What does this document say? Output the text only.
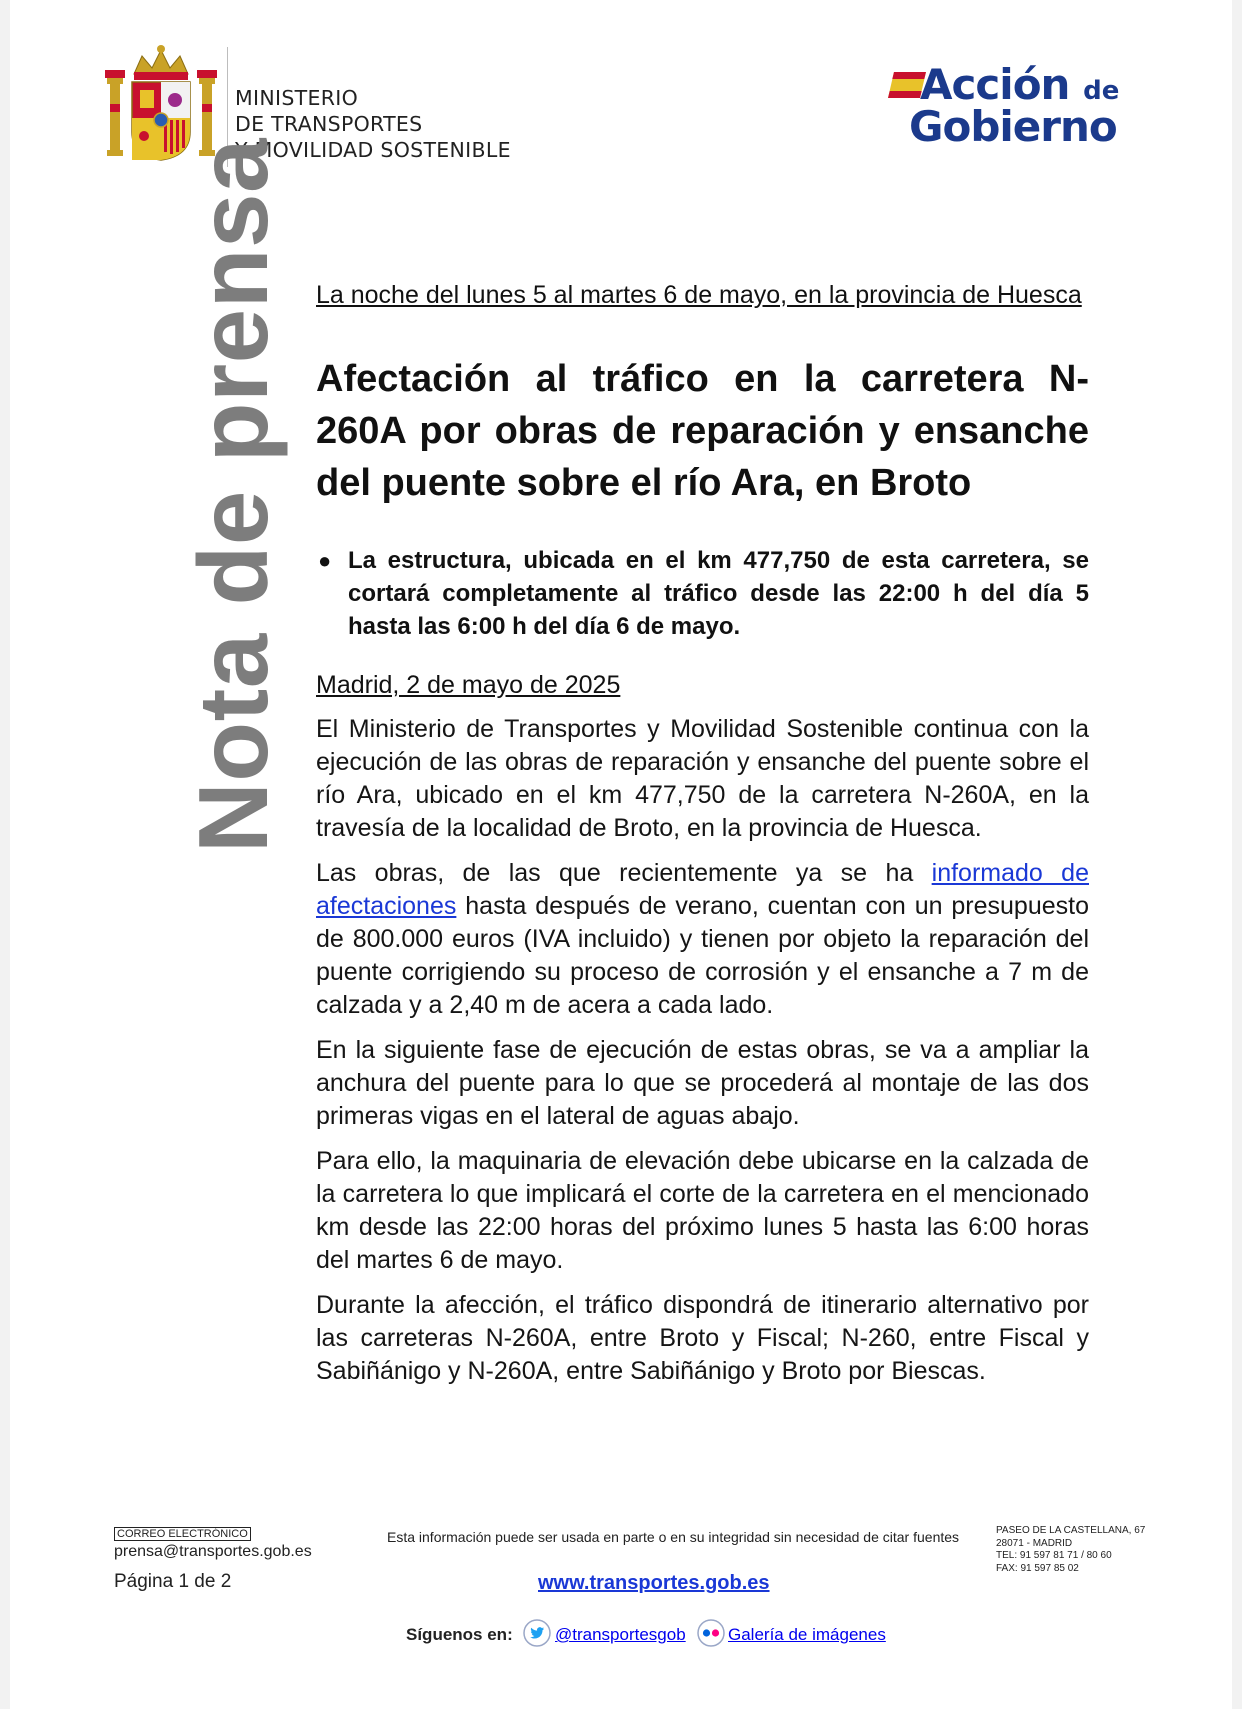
MINISTERIO
DE TRANSPORTES
Y MOVILIDAD SOSTENIBLE
Acción de
Gobierno
Nota de prensa La noche del lunes 5 al martes 6 de mayo, en la provincia de Huesca
Afectación al tráfico en la carretera N-260A por obras de reparación y ensanche del puente sobre el río Ara, en Broto
● La estructura, ubicada en el km 477,750 de esta carretera, se cortará completamente al tráfico desde las 22:00 h del día 5 hasta las 6:00 h del día 6 de mayo.
Madrid, 2 de mayo de 2025

El Ministerio de Transportes y Movilidad Sostenible continua con la ejecución de las obras de reparación y ensanche del puente sobre el río Ara, ubicado en el km 477,750 de la carretera N-260A, en la travesía de la localidad de Broto, en la provincia de Huesca.

Las obras, de las que recientemente ya se ha informado de afectaciones hasta después de verano, cuentan con un presupuesto de 800.000 euros (IVA incluido) y tienen por objeto la reparación del puente corrigiendo su proceso de corrosión y el ensanche a 7 m de calzada y a 2,40 m de acera a cada lado.

En la siguiente fase de ejecución de estas obras, se va a ampliar la anchura del puente para lo que se procederá al montaje de las dos primeras vigas en el lateral de aguas abajo.

Para ello, la maquinaria de elevación debe ubicarse en la calzada de la carretera lo que implicará el corte de la carretera en el mencionado km desde las 22:00 horas del próximo lunes 5 hasta las 6:00 horas del martes 6 de mayo.

Durante la afección, el tráfico dispondrá de itinerario alternativo por las carreteras N-260A, entre Broto y Fiscal; N-260, entre Fiscal y Sabiñánigo y N-260A, entre Sabiñánigo y Broto por Biescas.

CORREO ELECTRÓNICO
prensa@transportes.gob.es
Página 1 de 2
Esta información puede ser usada en parte o en su integridad sin necesidad de citar fuentes
www.transportes.gob.es
PASEO DE LA CASTELLANA, 67
28071 - MADRID
TEL: 91 597 81 71 / 80 60
FAX: 91 597 85 02
Síguenos en: @transportesgob Galería de imágenes
